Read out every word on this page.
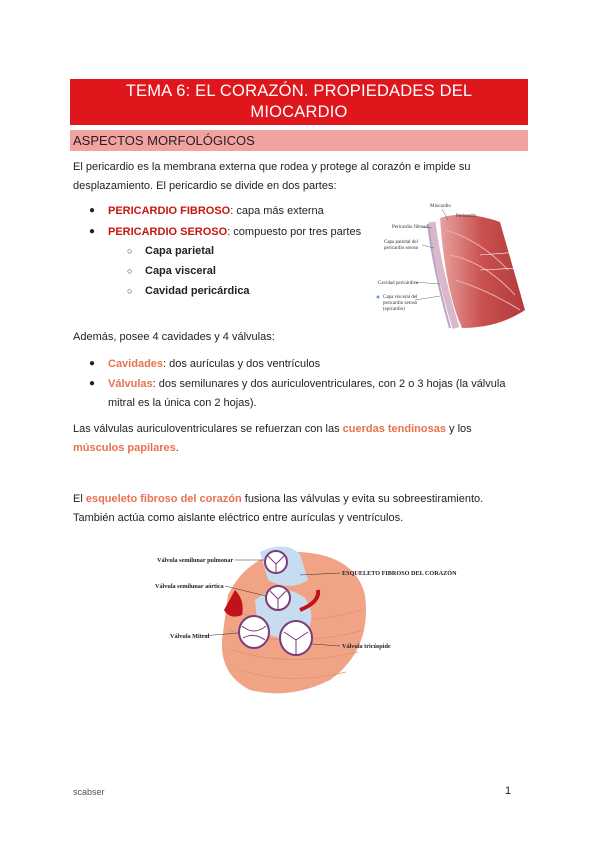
TEMA 6: EL CORAZÓN. PROPIEDADES DEL
MIOCARDIO
ASPECTOS MORFOLÓGICOS
El pericardio es la membrana externa que rodea y protege al corazón e impide su
desplazamiento. El pericardio se divide en dos partes:
● PERICARDIO FIBROSO: capa más externa
● PERICARDIO SEROSO: compuesto por tres partes
○ Capa parietal
○ Capa visceral
○ Cavidad pericárdica
Miocardio
Pericardio
Pericardio fibroso
Capa parietal del
pericardio seroso
Cavidad pericárdica
Capa visceral del
pericardio seroso
(epicardio)
Además, posee 4 cavidades y 4 válvulas:
● Cavidades: dos aurículas y dos ventrículos
● Válvulas: dos semilunares y dos auriculoventriculares, con 2 o 3 hojas (la válvula
mitral es la única con 2 hojas).
Las válvulas auriculoventriculares se refuerzan con las cuerdas tendinosas y los
músculos papilares.
El esqueleto fibroso del corazón fusiona las válvulas y evita su sobreestiramiento.
También actúa como aislante eléctrico entre aurículas y ventrículos.
Válvula semilunar pulmonar
Válvula semilunar aórtica
Válvula Mitral
ESQUELETO FIBROSO DEL CORAZÓN
Válvula tricúspide
scabser	1
